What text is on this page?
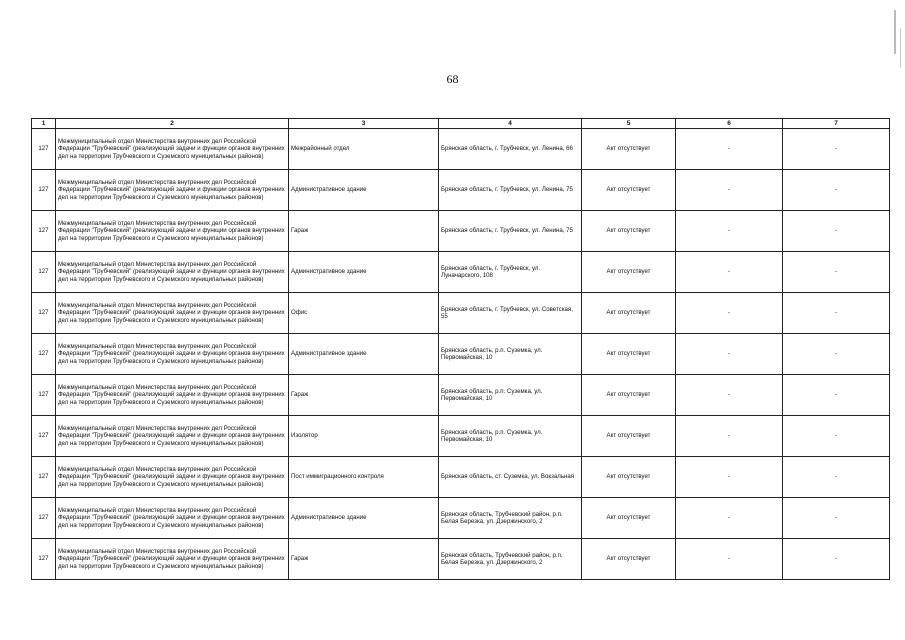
68
1	2	3	4	5	6	7
127	Межмуниципальный отдел Министерства внутренних дел Российской Федерации "Трубчевский" (реализующий задачи и функции органов внутренних дел на территории Трубчевского и Суземского муниципальных районов)	Межрайонный отдел	Брянская область, г. Трубчевск, ул. Ленина, 66	Акт отсутствует	-	-
127	Межмуниципальный отдел Министерства внутренних дел Российской Федерации "Трубчевский" (реализующий задачи и функции органов внутренних дел на территории Трубчевского и Суземского муниципальных районов)	Административное здание	Брянская область, г. Трубчевск, ул. Ленина, 75	Акт отсутствует	-	-
127	Межмуниципальный отдел Министерства внутренних дел Российской Федерации "Трубчевский" (реализующий задачи и функции органов внутренних дел на территории Трубчевского и Суземского муниципальных районов)	Гараж	Брянская область, г. Трубчевск, ул. Ленина, 75	Акт отсутствует	-	-
127	Межмуниципальный отдел Министерства внутренних дел Российской Федерации "Трубчевский" (реализующий задачи и функции органов внутренних дел на территории Трубчевского и Суземского муниципальных районов)	Административное здание	Брянская область, г. Трубчевск, ул. Луначарского, 108	Акт отсутствует	-	-
127	Межмуниципальный отдел Министерства внутренних дел Российской Федерации "Трубчевский" (реализующий задачи и функции органов внутренних дел на территории Трубчевского и Суземского муниципальных районов)	Офис	Брянская область, г. Трубчевск, ул. Советская, 55	Акт отсутствует	-	-
127	Межмуниципальный отдел Министерства внутренних дел Российской Федерации "Трубчевский" (реализующий задачи и функции органов внутренних дел на территории Трубчевского и Суземского муниципальных районов)	Административное здание	Брянская область, р.п. Суземка, ул. Первомайская, 10	Акт отсутствует	-	-
127	Межмуниципальный отдел Министерства внутренних дел Российской Федерации "Трубчевский" (реализующий задачи и функции органов внутренних дел на территории Трубчевского и Суземского муниципальных районов)	Гараж	Брянская область, р.п. Суземка, ул. Первомайская, 10	Акт отсутствует	-	-
127	Межмуниципальный отдел Министерства внутренних дел Российской Федерации "Трубчевский" (реализующий задачи и функции органов внутренних дел на территории Трубчевского и Суземского муниципальных районов)	Изолятор	Брянская область, р.п. Суземка, ул. Первомайская, 10	Акт отсутствует	-	-
127	Межмуниципальный отдел Министерства внутренних дел Российской Федерации "Трубчевский" (реализующий задачи и функции органов внутренних дел на территории Трубчевского и Суземского муниципальных районов)	Пост иммиграционного контроля	Брянская область, ст. Суземка, ул. Вокзальная	Акт отсутствует	-	-
127	Межмуниципальный отдел Министерства внутренних дел Российской Федерации "Трубчевский" (реализующий задачи и функции органов внутренних дел на территории Трубчевского и Суземского муниципальных районов)	Административное здание	Брянская область, Трубчевский район, р.п. Белая Березка, ул. Дзержинского, 2	Акт отсутствует	-	-
127	Межмуниципальный отдел Министерства внутренних дел Российской Федерации "Трубчевский" (реализующий задачи и функции органов внутренних дел на территории Трубчевского и Суземского муниципальных районов)	Гараж	Брянская область, Трубчевский район, р.п. Белая Березка, ул. Дзержинского, 2	Акт отсутствует	-	-
